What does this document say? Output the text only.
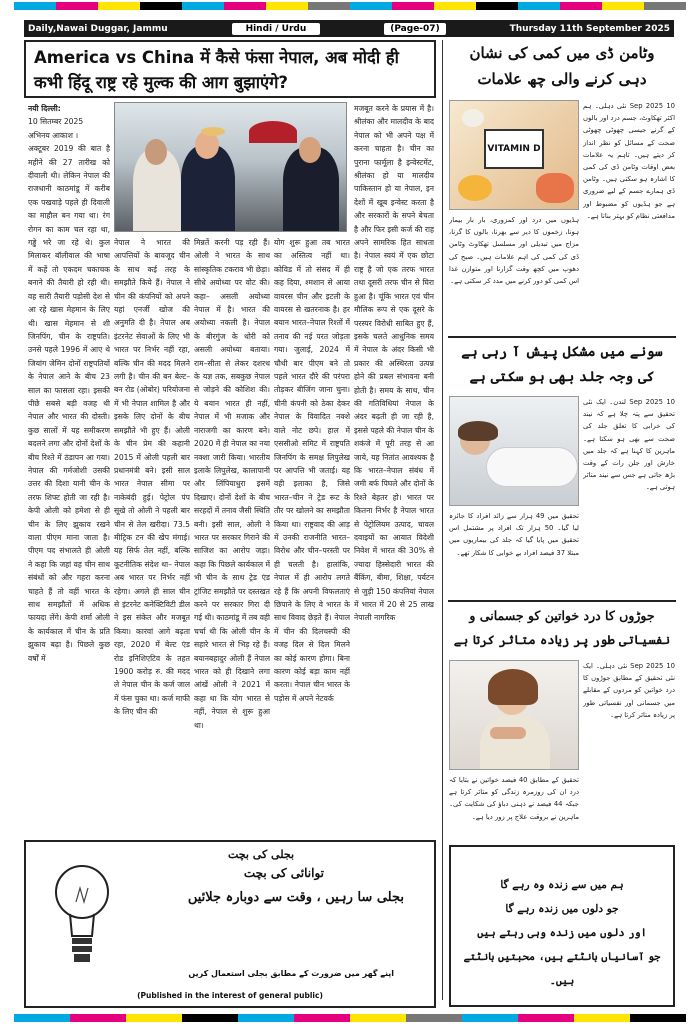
Daily,Nawai Duggar, Jammu	Hindi / Urdu	(Page-07)	Thursday 11th September 2025
America vs China में कैसे फंसा नेपाल, अब मोदी ही कभी हिंदू राष्ट्र रहे मुल्क की आग बुझाएंगे?
नयी दिल्ली:
10 सितम्बर 2025
अभिनय आकाश ।
अक्टूबर 2019 की बात है महीने की 27 तारीख को दीवाली थी। लेकिन नेपाल की राजधानी काठमांडू में करीब एक पखवाड़े पहले ही दिवाली का माहौल बन गया था। रंग रोगन का काम चल रहा था, गड्ढे भरे जा रहे थे। कुल मिलाकर बॉलीवाल की भाषा में कहें तो एकदम चकाचक बनाने की तैयारी हो रही थी। वह सारी तैयारी पड़ोसी देश से आ रहे खास मेहमान के लिए थी। खास मेहमान से शी जिनपिंग, चीन के राष्ट्रपति। उनसे पहले 1996 में आए थे जियांग जेमिन दोनों राष्ट्रपतियों के नेपाल आने के बीच 23 साल का फासला रहा। इसकी पीछे सबसे बड़ी वजह थी नेपाल और भारत की दोस्ती। कुछ सालों में यह समीकरण बदलने लगा और दोनों देशों के बीच रिश्ते में ठंडापन आ गया। नेपाल की गर्मजोशी उसकी उत्तर की दिशा यानी चीन के तरफ शिफ्ट होती जा रही है। केपी ओली को हमेशा से ही चीन के लिए झुकाव रखने वाला पीएम माना जाता है। पीएम पद संभालते ही ओली ने कहा कि जहां वह चीन साथ संबंधों को और गहरा करना चाहते हैं तो वहीं भारत के साथ समझौतों में अधिक फायदा लेंगे। केपी शर्मा ओली के कार्यकाल में चीन के प्रति झुकाव बढ़ा है। पिछले कुछ वर्षों में
नेपाल ने भारत की आपत्तियों के बावजूद चीन के साथ कई तरह के समझौते किये हैं। नेपाल ने चीन की कंपनियों को अपने यहां एनर्जी खोज की अनुमति दी है। नेपाल अब इंटरनेट सेवाओं के लिए भी भारत पर निर्भर नहीं रहा, बल्कि चीन की मदद मिलने लगी है। चीन की बन बेल्ट–बन रोड (ओबोर) परियोजना में भी नेपाल शामिल है और इसके लिए दोनों के बीच समझौते भी हुए हैं। ओली के चीन प्रेम की कहानी 2015 में ओली पहली बार प्रधानमंत्री बने। इसी साल भारत नेपाल सीमा पर नाकेबंदी हुई। पेट्रोल पंप सूखे तो ओली ने पहली बार चीन से तेल खरीदा। 73.5 मीट्रिक टन की खेप मंगाई। यह सिर्फ तेल नहीं, बल्कि कूटनीतिक संदेश था– नेपाल अब भारत पर निर्भर नहीं रहेगा। अगले ही साल चीन से इंटरनेट कनेक्टिविटी डील ने इस संकेत और मजबूत किया। कारवां आगे बढ़ता रहा, 2020 में बेल्ट एंड रोड इनिशिएटिव के तहत 1900 करोड़ रु. की मदद ले नेपाल चीन के कर्ज जाल में फंस चुका था। कर्ज माफी के लिए चीन की
मिन्नतें करनी पड़ रही हैं। ओली ने भारत के साथ सांस्कृतिक टकराव भी छेड़ा। सीधे अयोध्या पर वोट की। कहा– असली अयोध्या नेपाल में है। भारत की अयोध्या नकली है। नेपाल के बीरगुंज के थोरी को असली अयोध्या बताया। राम–सीता से लेकर दशरथ के यज्ञ तक, सबकुछ नेपाल से जोड़ने की कोशिश की। ये बयान भारत ही नहीं, नेपाल में भी मजाक और नाराजगी का कारण बने। 2020 में ही नेपाल का नया नक्शा जारी किया। भारतीय इलाके लिपुलेख, कालापानी और लिंपियाधुरा इसमें दिखाए। दोनों देशों के बीच सरहदों में तनाव जैसी स्थिति बनी। इसी साल, ओली ने भारत पर सरकार गिराने की साजिश का आरोप जड़ा। कहा कि पिछले कार्यकाल में भी चीन के साथ ट्रेड एंड ट्रांजिट समझौते पर दस्तखत करने पर सरकार गिरा दी गई थी। काठमांडू में तब वही चर्चा थी कि ओली चीन के सहारे भारत से भिड़ रहे हैं। बयानबहादुर ओली हैं नेपाल भारत को ही दिखाने लगा आंखें ओली ने 2021 में कहा था कि योग भारत से नहीं, नेपाल से शुरू हुआ था।
योग शुरू हुआ तब भारत का अस्तित्व नहीं था। कोविड में तो संसद में ही कह दिया, श्मशान से आया वायरस चीन और इटली के वायरस से खतरनाक है। हर बयान भारत–नेपाल रिश्तों में तनाव की नई परत जोड़ता गया। जुलाई, 2024 में चौथी बार पीएम बने तो पहले भारत दौरे की परंपरा तोड़कर बीजिंग जाना चुना। चीनी कंपनी को ठेका देकर नेपाल के विवादित नक्शे वाले नोट छपे। हाल में एससीओ समिट में राष्ट्रपति जिनपिंग के समक्ष लिपुलेख पर आपत्ति भी जताई। यह वही इलाका है, जिसे भारत–चीन ने ट्रेड रूट के तौर पर खोलने का समझौता किया था। राष्ट्रवाद की आड़ में उनकी राजनीति भारत–विरोध और चीन–परस्ती पर ही चलती है। हालांकि, नेपाल में ही आरोप लगते रहे हैं कि अपनी विफलताएं छिपाने के लिए वे भारत के साथ विवाद छेड़ते हैं। नेपाल में चीन की दिलचस्पी की वजह दिल से दिल मिलने का कोई कारण होगा। बिना कारण कोई बड़ा काम नहीं करता। नेपाल चीन भारत के पड़ोस में अपने नेटवर्क
मजबूत करने के प्रयास में है। श्रीलंका और मालदीव के बाद नेपाल को भी अपने पक्ष में करना चाहता है। चीन का पुराना फार्मूला है इन्वेस्टमेंट, श्रीलंका हो या मालदीव पाकिस्तान हो या नेपाल, इन देशों में खूब इन्वेस्ट करता है और सरकारों के सपने बेचता है और फिर इसी कर्ज की राह अपने सामरिक हित साधता है। नेपाल स्वयं में एक छोटा राष्ट्र है जो एक तरफ भारत तथा दूसरी तरफ चीन से घिरा हुआ है। चूंकि भारत एवं चीन मौलिक रूप से एक दूसरे के परस्पर विरोधी साबित हुए हैं, इसके चलते आधुनिक समय में नेपाल के अंदर किसी भी प्रकार की अस्थिरता उत्पन्न होने की प्रबल संभावना बनी होती है। समय के साथ, चीन की गतिविधियां नेपाल के अंदर बढ़ती ही जा रही है, इससे पहले की नेपाल चीन के शकंजे में पूरी तरह से आ जाये, यह नितांत आवश्यक है कि भारत–नेपाल संबंध में जमी बर्फ पिघले और दोनों के रिश्ते बेहतर हो। भारत पर कितना निर्भर है नेपाल भारत से पेट्रोलियम उत्पाद, चावल दवाइयों का आयात विदेशी निवेश में भारत की 30% से ज्यादा हिस्सेदारी भारत की बैंकिंग, बीमा, शिक्षा, पर्यटन से जुड़ी 150 कंपनियां नेपाल में भारत में 20 से 25 लाख नेपाली नागरिक
وٹامن ڈی میں کمی کی نشان
دہی کرنے والی چھ علامات
VITAMIN D
10 Sep 2025 نئی دہلی۔ ہم اکثر تھکاوٹ، جسم درد اور بالوں کے گرنے جیسی چھوٹی چھوٹی صحت کے مسائل کو نظر انداز کر دیتے ہیں۔ تاہم یہ علامات بعض اوقات وٹامن ڈی کی کمی کا اشارہ ہو سکتی ہیں۔ وٹامن ڈی ہمارے جسم کے لیے ضروری ہے جو ہڈیوں کو مضبوط اور مدافعتی نظام کو بہتر بناتا ہے۔
ہڈیوں میں درد اور کمزوری، بار بار بیمار ہونا، زخموں کا دیر سے بھرنا، بالوں کا گرنا، مزاج میں تبدیلی اور مسلسل تھکاوٹ وٹامن ڈی کی کمی کی اہم علامات ہیں۔ صبح کی دھوپ میں کچھ وقت گزارنا اور متوازن غذا اس کمی کو دور کرنے میں مدد کر سکتی ہے۔
سونے میں مشکل پیش آ رہی ہے
کی وجہ جلد بھی ہو سکتی ہے
10 Sep 2025 لندن۔ ایک نئی تحقیق سے پتہ چلا ہے کہ نیند کی خرابی کا تعلق جلد کی صحت سے بھی ہو سکتا ہے۔ ماہرین کا کہنا ہے کہ جلد میں خارش اور جلن رات کے وقت بڑھ جاتی ہے جس سے نیند متاثر ہوتی ہے۔
تحقیق میں 49 ہزار سے زائد افراد کا جائزہ لیا گیا۔ 50 ہزار تک افراد پر مشتمل اس تحقیق میں پایا گیا کہ جلد کی بیماریوں میں مبتلا 37 فیصد افراد بے خوابی کا شکار تھے۔
جوڑوں کا درد خواتین کو جسمانی و
نفسیاتی طور پر زیادہ متاثر کرتا ہے
10 Sep 2025 نئی دہلی۔ ایک نئی تحقیق کے مطابق جوڑوں کا درد خواتین کو مردوں کے مقابلے میں جسمانی اور نفسیاتی طور پر زیادہ متاثر کرتا ہے۔
تحقیق کے مطابق 40 فیصد خواتین نے بتایا کہ درد ان کی روزمرہ زندگی کو متاثر کرتا ہے جبکہ 44 فیصد نے ذہنی دباؤ کی شکایت کی۔ ماہرین نے بروقت علاج پر زور دیا ہے۔
بجلی کی بچت
توانائی کی بچت
بجلی سا رہیں ، وقت سے دوبارہ جلائیں
اپنے گھر میں ضرورت کے مطابق بجلی استعمال کریں
(Published in the interest of general public)
ہم میں سے زندہ وہ رہے گا
جو دلوں میں زندہ رہے گا
اور دلوں میں زندہ وہی رہتے ہیں
جو آسانیاں بانٹتے ہیں، محبتیں بانٹتے ہیں۔
